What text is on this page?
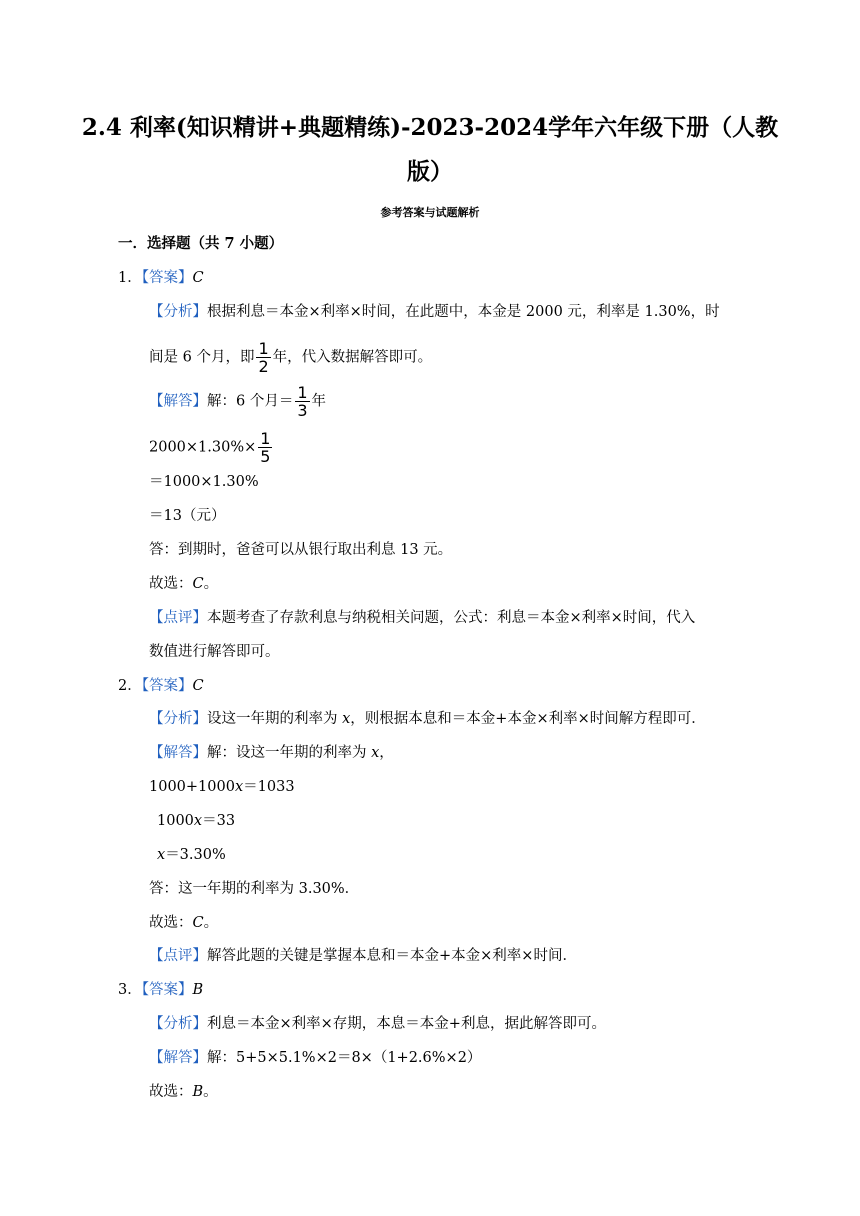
2.4 利率(知识精讲+典题精练)-2023-2024学年六年级下册（人教
版）
参考答案与试题解析
一．选择题（共 7 小题）
1．【答案】C
【分析】根据利息＝本金×利率×时间，在此题中，本金是 2000 元，利率是 1.30%，时
间是 6 个月，即 $\frac{1}{2}$ 年，代入数据解答即可。
【解答】解：6 个月＝ $\frac{1}{3}$ 年
$2000\times 1.30\%\times \frac{1}{5}$
＝1000×1.30%
＝13（元）
答：到期时，爸爸可以从银行取出利息 13 元。
故选：C。
【点评】本题考查了存款利息与纳税相关问题，公式：利息＝本金×利率×时间，代入
数值进行解答即可。
2．【答案】C
【分析】设这一年期的利率为 x，则根据本息和＝本金+本金×利率×时间解方程即可．
【解答】解：设这一年期的利率为 x，
1000+1000x＝1033
1000x＝33
x＝3.30%
答：这一年期的利率为 3.30%．
故选：C。
【点评】解答此题的关键是掌握本息和＝本金+本金×利率×时间．
3．【答案】B
【分析】利息＝本金×利率×存期，本息＝本金+利息，据此解答即可。
【解答】解：5+5×5.1%×2＝8×（1+2.6%×2）
故选：B。
